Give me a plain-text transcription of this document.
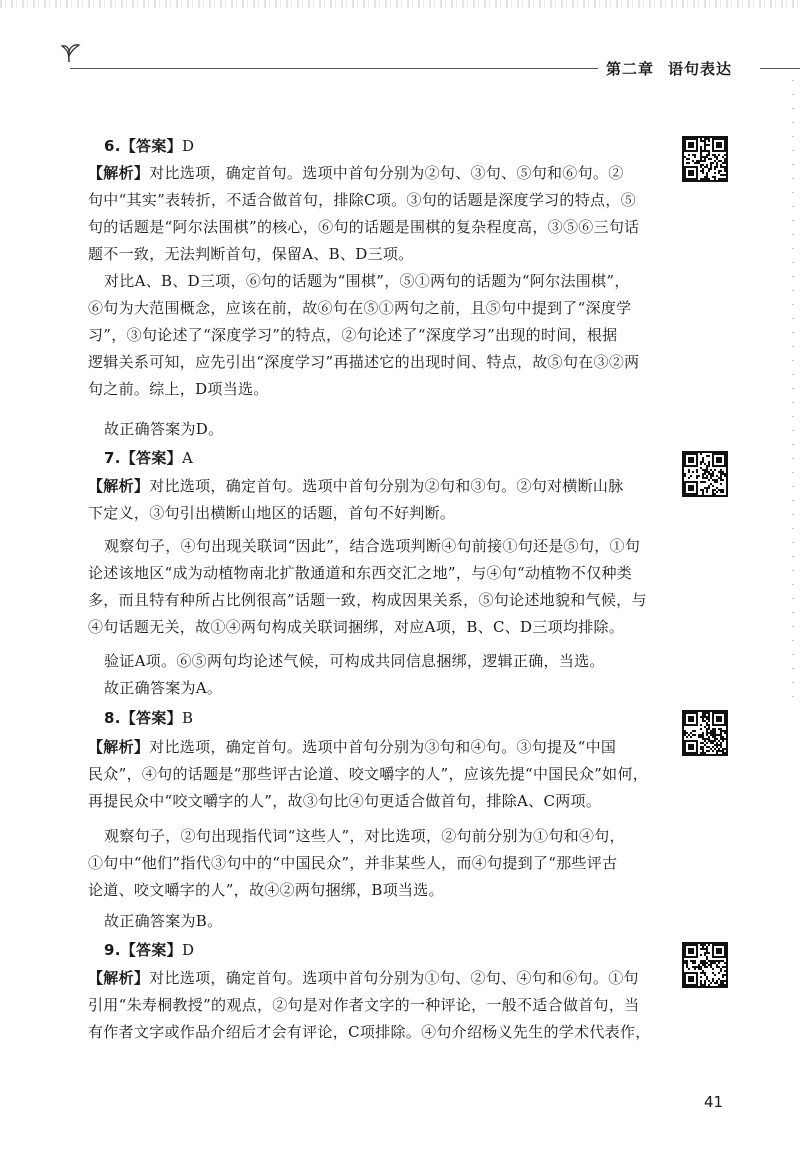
第二章 语句表达
6.【答案】D
【解析】对比选项，确定首句。选项中首句分别为②句、③句、⑤句和⑥句。②
句中“其实”表转折，不适合做首句，排除C项。③句的话题是深度学习的特点，⑤
句的话题是“阿尔法围棋”的核心，⑥句的话题是围棋的复杂程度高，③⑤⑥三句话
题不一致，无法判断首句，保留A、B、D三项。
对比A、B、D三项，⑥句的话题为“围棋”，⑤①两句的话题为“阿尔法围棋”，
⑥句为大范围概念，应该在前，故⑥句在⑤①两句之前，且⑤句中提到了“深度学
习”，③句论述了“深度学习”的特点，②句论述了“深度学习”出现的时间，根据
逻辑关系可知，应先引出“深度学习”再描述它的出现时间、特点，故⑤句在③②两
句之前。综上，D项当选。
故正确答案为D。
7.【答案】A
【解析】对比选项，确定首句。选项中首句分别为②句和③句。②句对横断山脉
下定义，③句引出横断山地区的话题，首句不好判断。
观察句子，④句出现关联词“因此”，结合选项判断④句前接①句还是⑤句，①句
论述该地区“成为动植物南北扩散通道和东西交汇之地”，与④句“动植物不仅种类
多，而且特有种所占比例很高”话题一致，构成因果关系，⑤句论述地貌和气候，与
④句话题无关，故①④两句构成关联词捆绑，对应A项，B、C、D三项均排除。
验证A项。⑥⑤两句均论述气候，可构成共同信息捆绑，逻辑正确，当选。
故正确答案为A。
8.【答案】B
【解析】对比选项，确定首句。选项中首句分别为③句和④句。③句提及“中国
民众”，④句的话题是“那些评古论道、咬文嚼字的人”，应该先提“中国民众”如何，
再提民众中“咬文嚼字的人”，故③句比④句更适合做首句，排除A、C两项。
观察句子，②句出现指代词“这些人”，对比选项，②句前分别为①句和④句，
①句中“他们”指代③句中的“中国民众”，并非某些人，而④句提到了“那些评古
论道、咬文嚼字的人”，故④②两句捆绑，B项当选。
故正确答案为B。
9.【答案】D
【解析】对比选项，确定首句。选项中首句分别为①句、②句、④句和⑥句。①句
引用“朱寿桐教授”的观点，②句是对作者文字的一种评论，一般不适合做首句，当
有作者文字或作品介绍后才会有评论，C项排除。④句介绍杨义先生的学术代表作，
41
